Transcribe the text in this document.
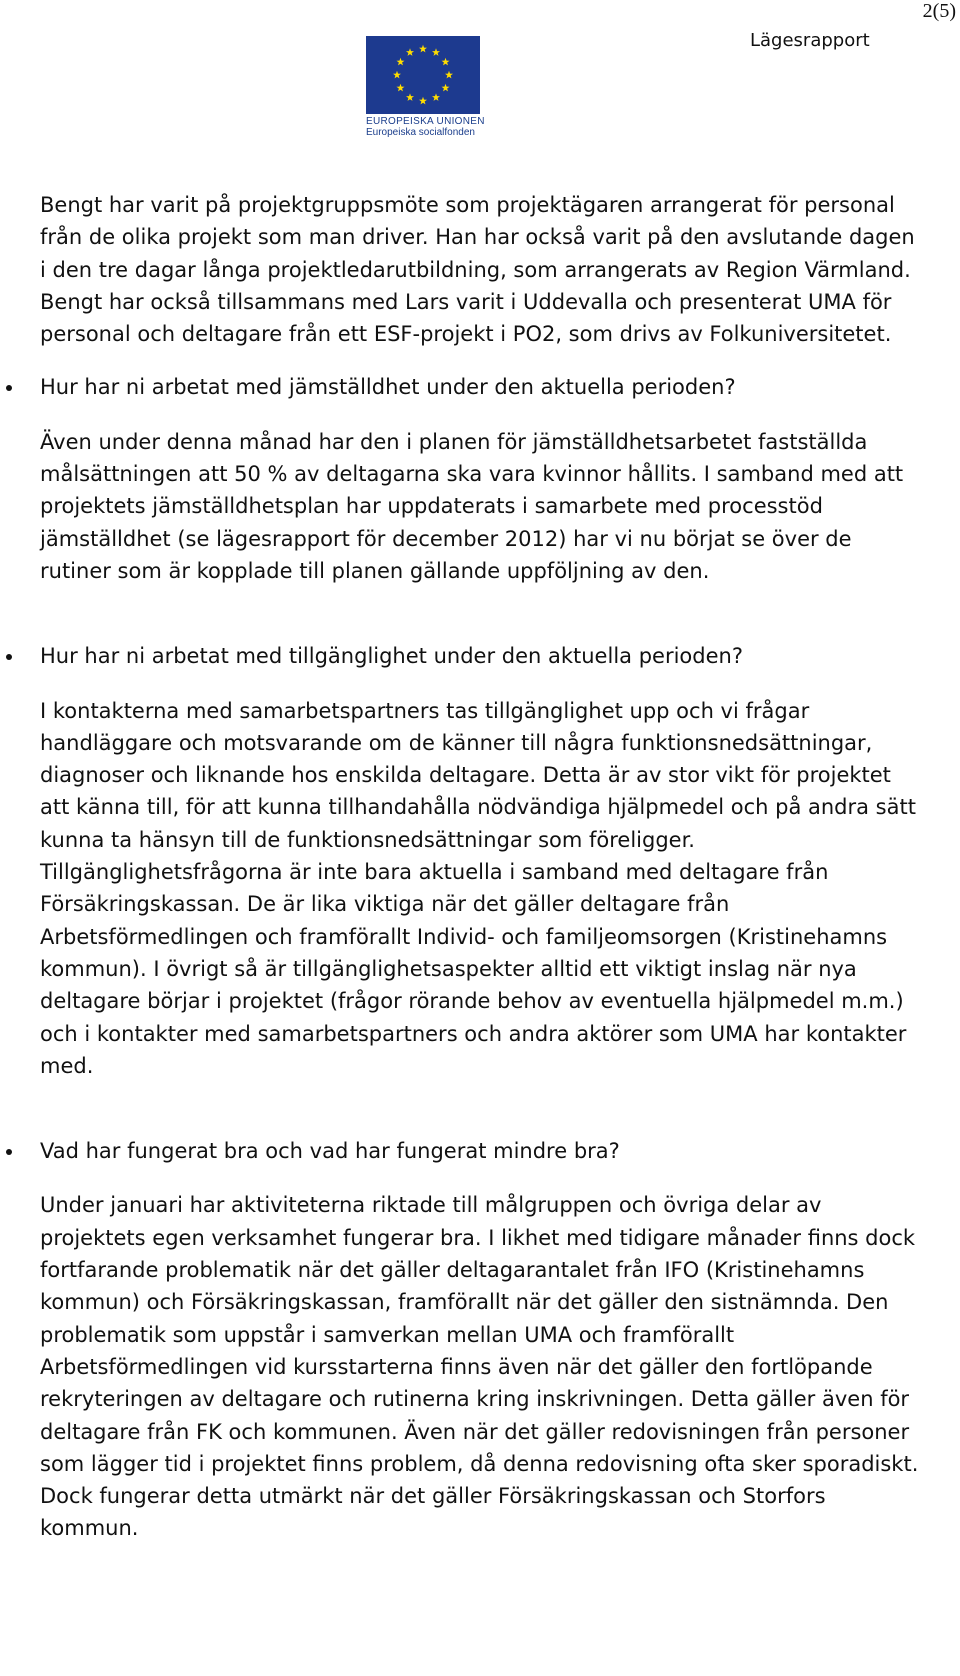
2(5)
Lägesrapport
EUROPEISKA UNIONEN
Europeiska socialfonden

Bengt har varit på projektgruppsmöte som projektägaren arrangerat för personal från de olika projekt som man driver. Han har också varit på den avslutande dagen i den tre dagar långa projektledarutbildning, som arrangerats av Region Värmland. Bengt har också tillsammans med Lars varit i Uddevalla och presenterat UMA för personal och deltagare från ett ESF-projekt i PO2, som drivs av Folkuniversitetet.

Hur har ni arbetat med jämställdhet under den aktuella perioden?

Även under denna månad har den i planen för jämställdhetsarbetet fastställda målsättningen att 50 % av deltagarna ska vara kvinnor hållits. I samband med att projektets jämställdhetsplan har uppdaterats i samarbete med processtöd jämställdhet (se lägesrapport för december 2012) har vi nu börjat se över de rutiner som är kopplade till planen gällande uppföljning av den.

Hur har ni arbetat med tillgänglighet under den aktuella perioden?

I kontakterna med samarbetspartners tas tillgänglighet upp och vi frågar handläggare och motsvarande om de känner till några funktionsnedsättningar, diagnoser och liknande hos enskilda deltagare. Detta är av stor vikt för projektet att känna till, för att kunna tillhandahålla nödvändiga hjälpmedel och på andra sätt kunna ta hänsyn till de funktionsnedsättningar som föreligger. Tillgänglighetsfrågorna är inte bara aktuella i samband med deltagare från Försäkringskassan. De är lika viktiga när det gäller deltagare från Arbetsförmedlingen och framförallt Individ- och familjeomsorgen (Kristinehamns kommun). I övrigt så är tillgänglighetsaspekter alltid ett viktigt inslag när nya deltagare börjar i projektet (frågor rörande behov av eventuella hjälpmedel m.m.) och i kontakter med samarbetspartners och andra aktörer som UMA har kontakter med.

Vad har fungerat bra och vad har fungerat mindre bra?

Under januari har aktiviteterna riktade till målgruppen och övriga delar av projektets egen verksamhet fungerar bra. I likhet med tidigare månader finns dock fortfarande problematik när det gäller deltagarantalet från IFO (Kristinehamns kommun) och Försäkringskassan, framförallt när det gäller den sistnämnda. Den problematik som uppstår i samverkan mellan UMA och framförallt Arbetsförmedlingen vid kursstarterna finns även när det gäller den fortlöpande rekryteringen av deltagare och rutinerna kring inskrivningen. Detta gäller även för deltagare från FK och kommunen. Även när det gäller redovisningen från personer som lägger tid i projektet finns problem, då denna redovisning ofta sker sporadiskt. Dock fungerar detta utmärkt när det gäller Försäkringskassan och Storfors kommun.
